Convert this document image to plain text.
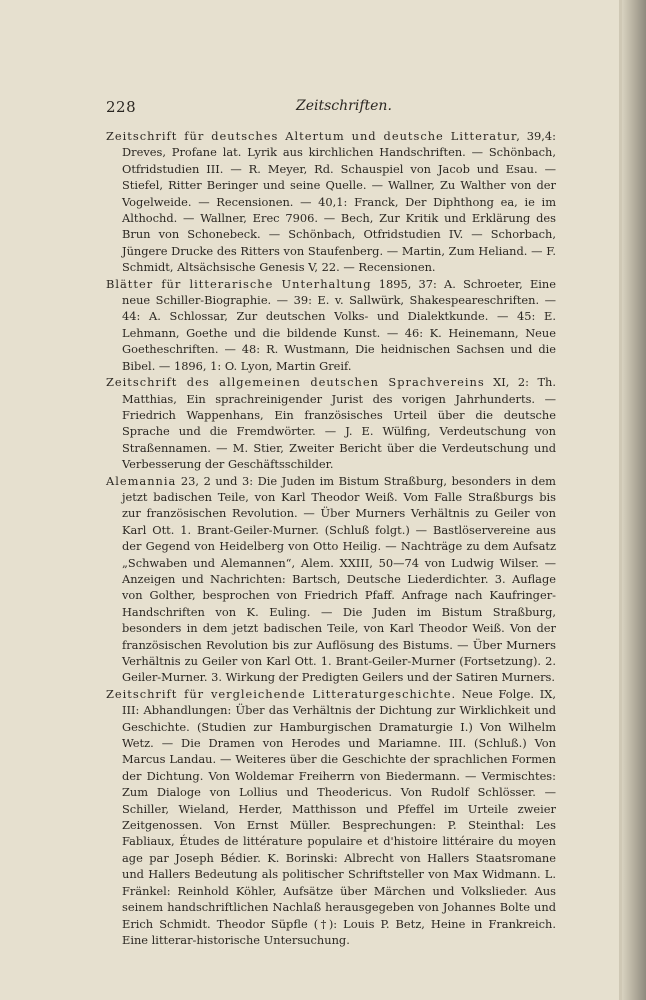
228	Zeitschriften.

Zeitschrift für deutsches Altertum und deutsche Litteratur, 39,4: Dreves, Profane lat. Lyrik aus kirchlichen Handschriften. — Schönbach, Otfridstudien III. — R. Meyer, Rd. Schauspiel von Jacob und Esau. — Stiefel, Ritter Beringer und seine Quelle. — Wallner, Zu Walther von der Vogelweide. — Recensionen. — 40,1: Franck, Der Diphthong ea, ie im Althochd. — Wallner, Erec 7906. — Bech, Zur Kritik und Erklärung des Brun von Schonebeck. — Schönbach, Otfridstudien IV. — Schorbach, Jüngere Drucke des Ritters von Staufenberg. — Martin, Zum Heliand. — F. Schmidt, Altsächsische Genesis V, 22. — Recensionen.

Blätter für litterarische Unterhaltung 1895, 37: A. Schroeter, Eine neue Schiller-Biographie. — 39: E. v. Sallwürk, Shakespeareschriften. — 44: A. Schlossar, Zur deutschen Volks- und Dialektkunde. — 45: E. Lehmann, Goethe und die bildende Kunst. — 46: K. Heinemann, Neue Goetheschriften. — 48: R. Wustmann, Die heidnischen Sachsen und die Bibel. — 1896, 1: O. Lyon, Martin Greif.

Zeitschrift des allgemeinen deutschen Sprachvereins XI, 2: Th. Matthias, Ein sprachreinigender Jurist des vorigen Jahrhunderts. — Friedrich Wappenhans, Ein französisches Urteil über die deutsche Sprache und die Fremdwörter. — J. E. Wülfing, Verdeutschung von Straßennamen. — M. Stier, Zweiter Bericht über die Verdeutschung und Verbesserung der Geschäftsschilder.

Alemannia 23, 2 und 3: Die Juden im Bistum Straßburg, besonders in dem jetzt badischen Teile, von Karl Theodor Weiß. Vom Falle Straßburgs bis zur französischen Revolution. — Über Murners Verhältnis zu Geiler von Karl Ott. 1. Brant-Geiler-Murner. (Schluß folgt.) — Bastlöservereine aus der Gegend von Heidelberg von Otto Heilig. — Nachträge zu dem Aufsatz „Schwaben und Alemannen“, Alem. XXIII, 50—74 von Ludwig Wilser. — Anzeigen und Nachrichten: Bartsch, Deutsche Liederdichter. 3. Auflage von Golther, besprochen von Friedrich Pfaff. Anfrage nach Kaufringer-Handschriften von K. Euling. — Die Juden im Bistum Straßburg, besonders in dem jetzt badischen Teile, von Karl Theodor Weiß. Von der französischen Revolution bis zur Auflösung des Bistums. — Über Murners Verhältnis zu Geiler von Karl Ott. 1. Brant-Geiler-Murner (Fortsetzung). 2. Geiler-Murner. 3. Wirkung der Predigten Geilers und der Satiren Murners.

Zeitschrift für vergleichende Litteraturgeschichte. Neue Folge. IX, III: Abhandlungen: Über das Verhältnis der Dichtung zur Wirklichkeit und Geschichte. (Studien zur Hamburgischen Dramaturgie I.) Von Wilhelm Wetz. — Die Dramen von Herodes und Mariamne. III. (Schluß.) Von Marcus Landau. — Weiteres über die Geschichte der sprachlichen Formen der Dichtung. Von Woldemar Freiherrn von Biedermann. — Vermischtes: Zum Dialoge von Lollius und Theodericus. Von Rudolf Schlösser. — Schiller, Wieland, Herder, Matthisson und Pfeffel im Urteile zweier Zeitgenossen. Von Ernst Müller. Besprechungen: P. Steinthal: Les Fabliaux, Études de littérature populaire et d'histoire littéraire du moyen age par Joseph Bédier. K. Borinski: Albrecht von Hallers Staatsromane und Hallers Bedeutung als politischer Schriftsteller von Max Widmann. L. Fränkel: Reinhold Köhler, Aufsätze über Märchen und Volkslieder. Aus seinem handschriftlichen Nachlaß herausgegeben von Johannes Bolte und Erich Schmidt. Theodor Süpfle (†): Louis P. Betz, Heine in Frankreich. Eine litterar-historische Untersuchung.
